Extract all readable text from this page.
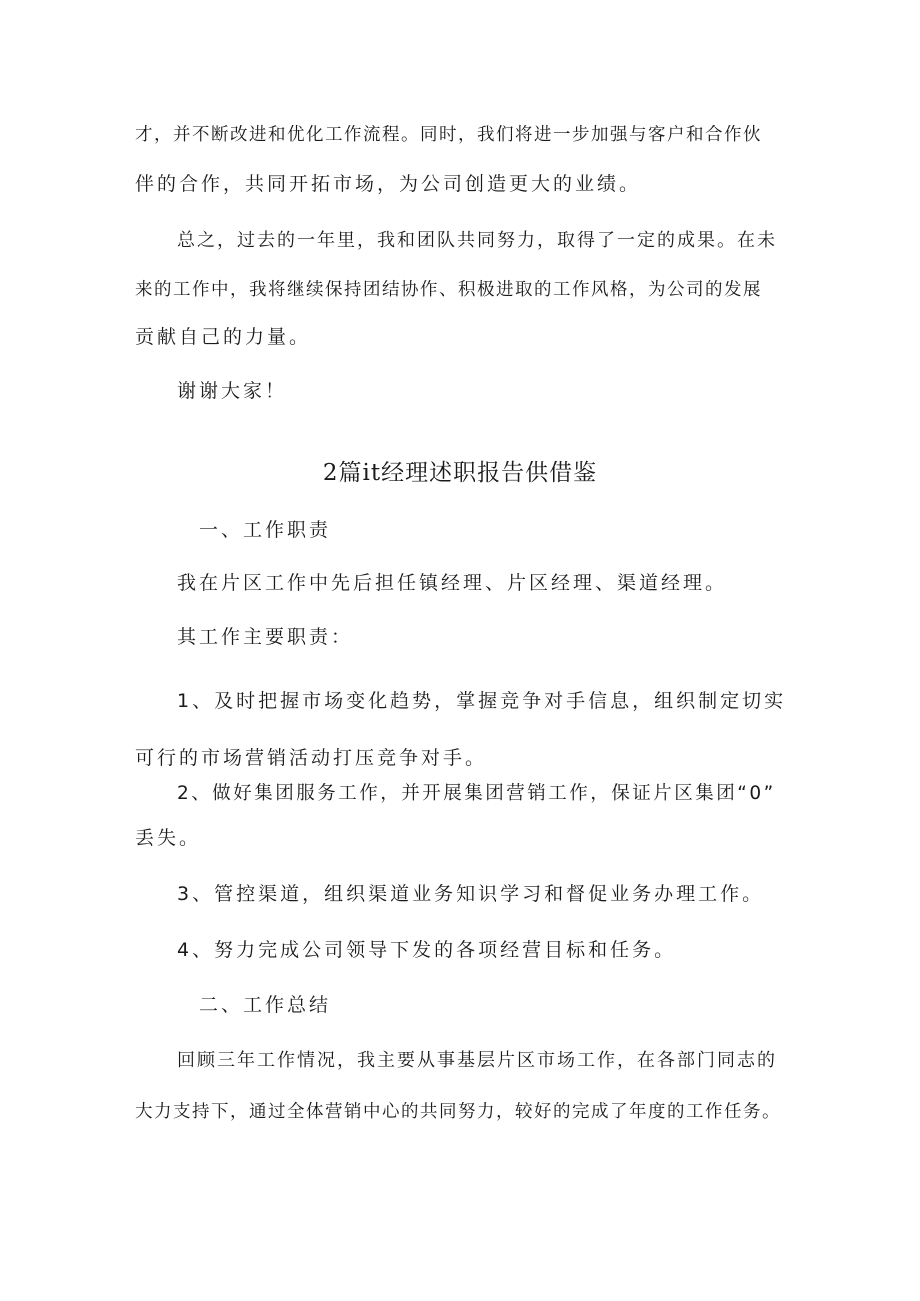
才，并不断改进和优化工作流程。同时，我们将进一步加强与客户和合作伙
伴的合作，共同开拓市场，为公司创造更大的业绩。
总之，过去的一年里，我和团队共同努力，取得了一定的成果。在未
来的工作中，我将继续保持团结协作、积极进取的工作风格，为公司的发展
贡献自己的力量。
谢谢大家！
2篇it经理述职报告供借鉴
一、工作职责
我在片区工作中先后担任镇经理、片区经理、渠道经理。
其工作主要职责：
1、及时把握市场变化趋势，掌握竞争对手信息，组织制定切实
可行的市场营销活动打压竞争对手。
2、做好集团服务工作，并开展集团营销工作，保证片区集团“0”
丢失。
3、管控渠道，组织渠道业务知识学习和督促业务办理工作。
4、努力完成公司领导下发的各项经营目标和任务。
二、工作总结
回顾三年工作情况，我主要从事基层片区市场工作，在各部门同志的
大力支持下，通过全体营销中心的共同努力，较好的完成了年度的工作任务。
